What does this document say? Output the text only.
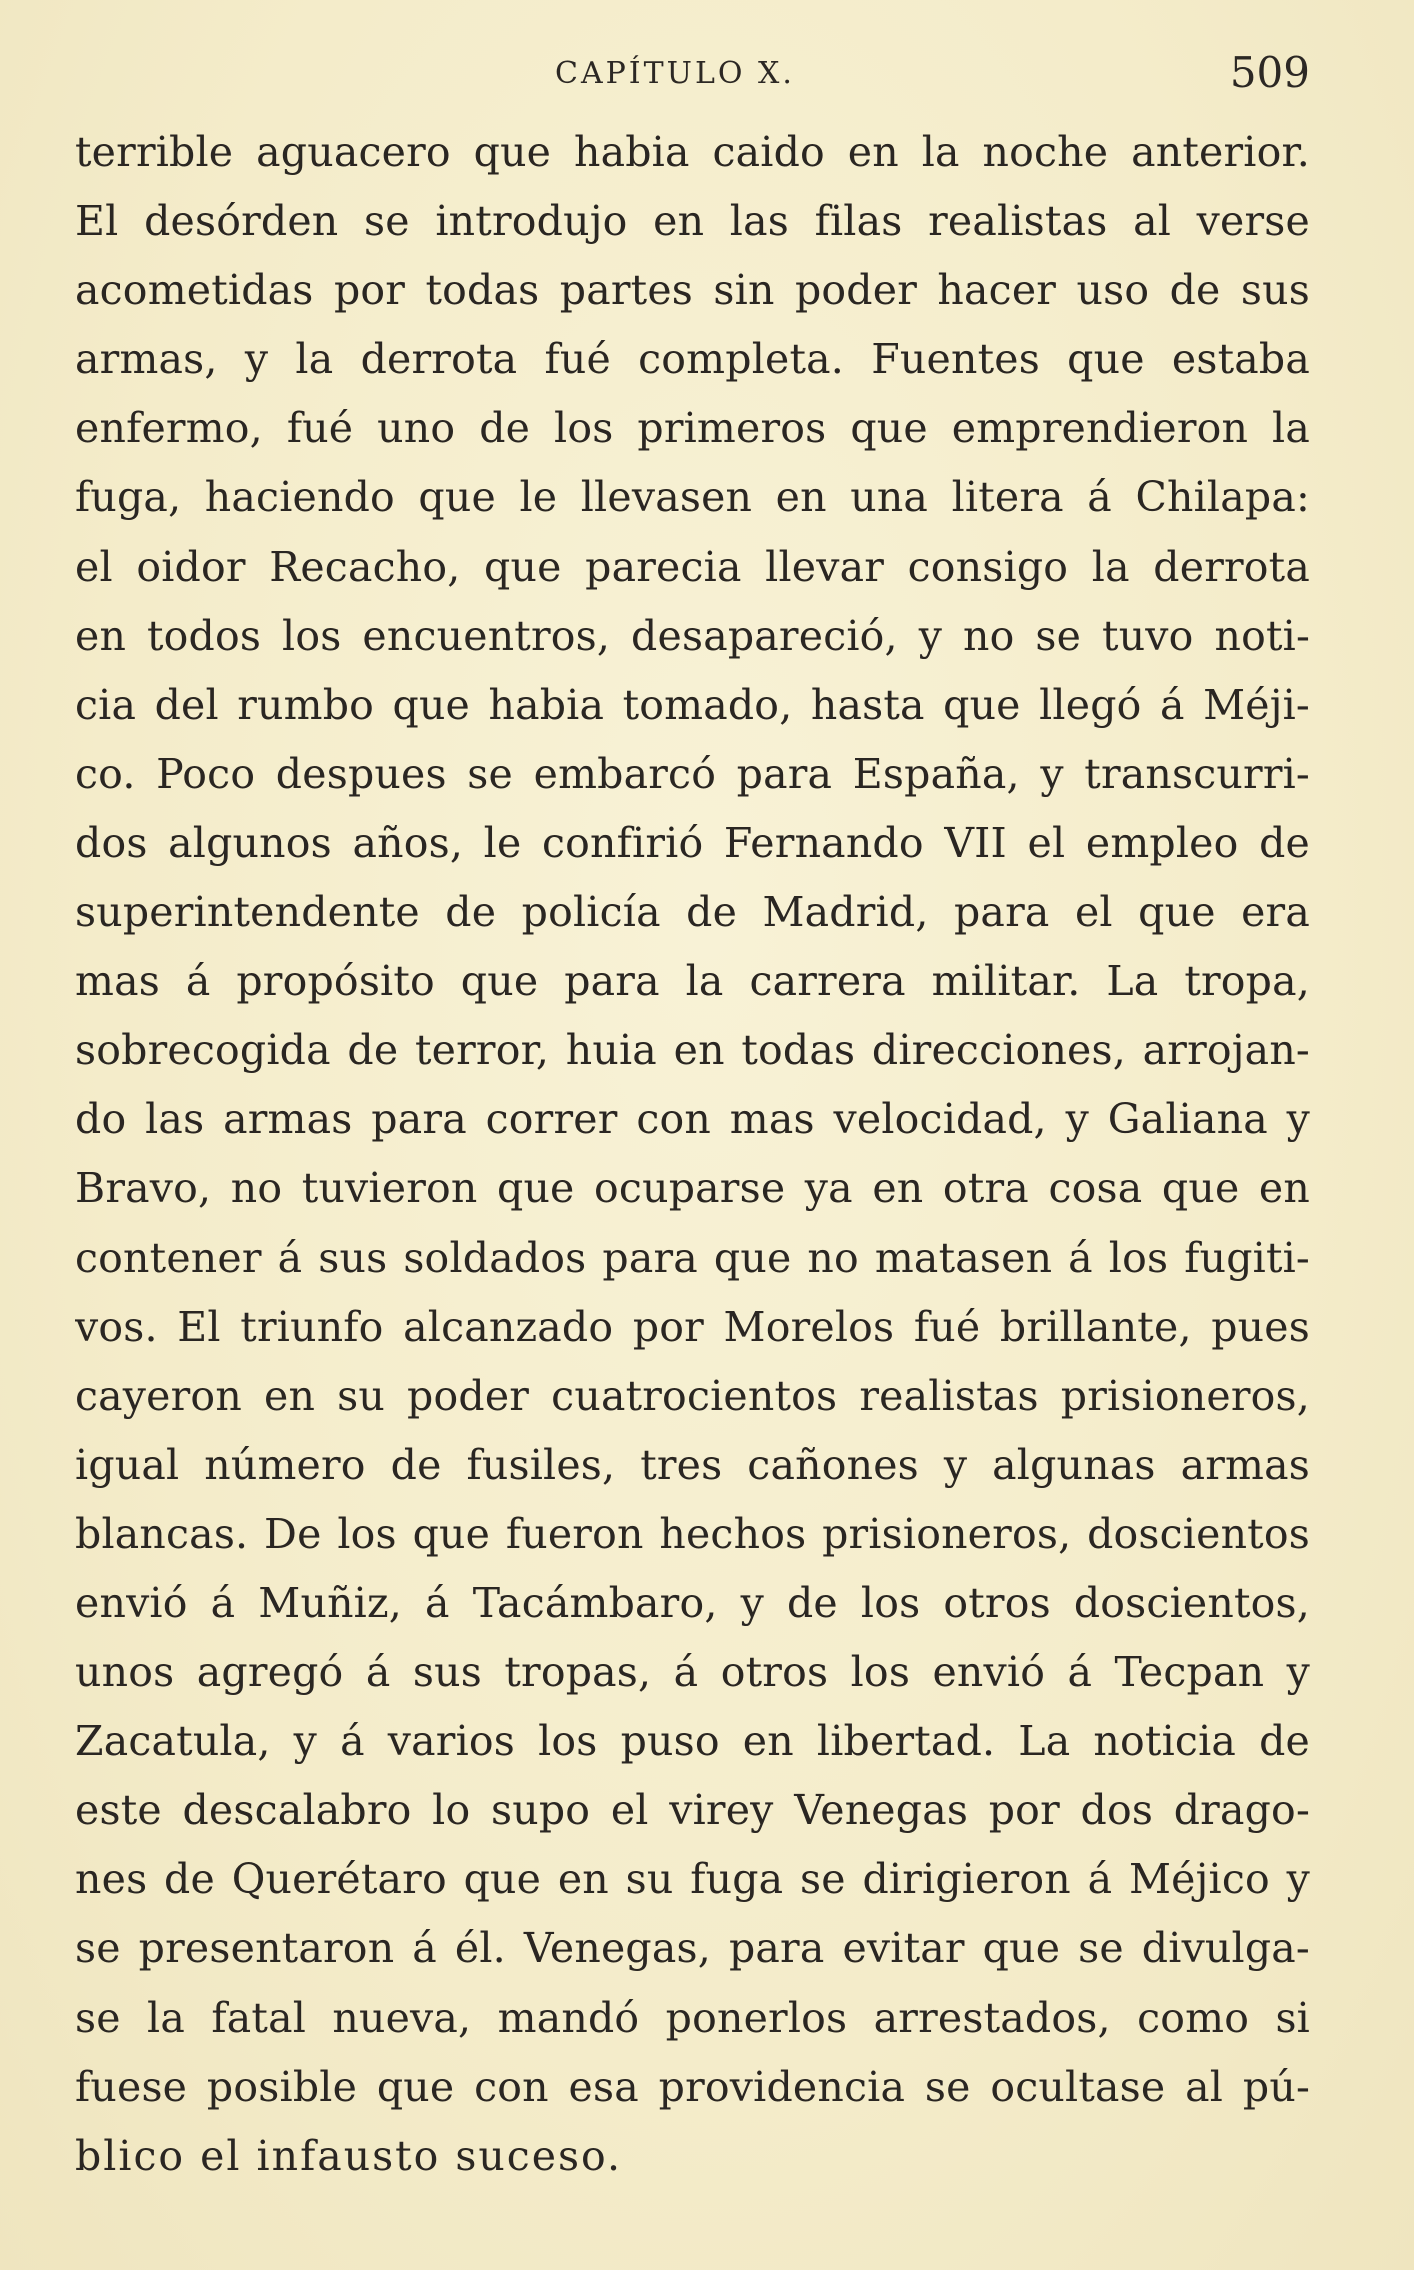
CAPÍTULO X.	509
terrible aguacero que habia caido en la noche anterior.
El desórden se introdujo en las filas realistas al verse
acometidas por todas partes sin poder hacer uso de sus
armas, y la derrota fué completa. Fuentes que estaba
enfermo, fué uno de los primeros que emprendieron la
fuga, haciendo que le llevasen en una litera á Chilapa:
el oidor Recacho, que parecia llevar consigo la derrota
en todos los encuentros, desapareció, y no se tuvo noti-
cia del rumbo que habia tomado, hasta que llegó á Méji-
co. Poco despues se embarcó para España, y transcurri-
dos algunos años, le confirió Fernando VII el empleo de
superintendente de policía de Madrid, para el que era
mas á propósito que para la carrera militar. La tropa,
sobrecogida de terror, huia en todas direcciones, arrojan-
do las armas para correr con mas velocidad, y Galiana y
Bravo, no tuvieron que ocuparse ya en otra cosa que en
contener á sus soldados para que no matasen á los fugiti-
vos. El triunfo alcanzado por Morelos fué brillante, pues
cayeron en su poder cuatrocientos realistas prisioneros,
igual número de fusiles, tres cañones y algunas armas
blancas. De los que fueron hechos prisioneros, doscientos
envió á Muñiz, á Tacámbaro, y de los otros doscientos,
unos agregó á sus tropas, á otros los envió á Tecpan y
Zacatula, y á varios los puso en libertad. La noticia de
este descalabro lo supo el virey Venegas por dos drago-
nes de Querétaro que en su fuga se dirigieron á Méjico y
se presentaron á él. Venegas, para evitar que se divulga-
se la fatal nueva, mandó ponerlos arrestados, como si
fuese posible que con esa providencia se ocultase al pú-
blico el infausto suceso.
